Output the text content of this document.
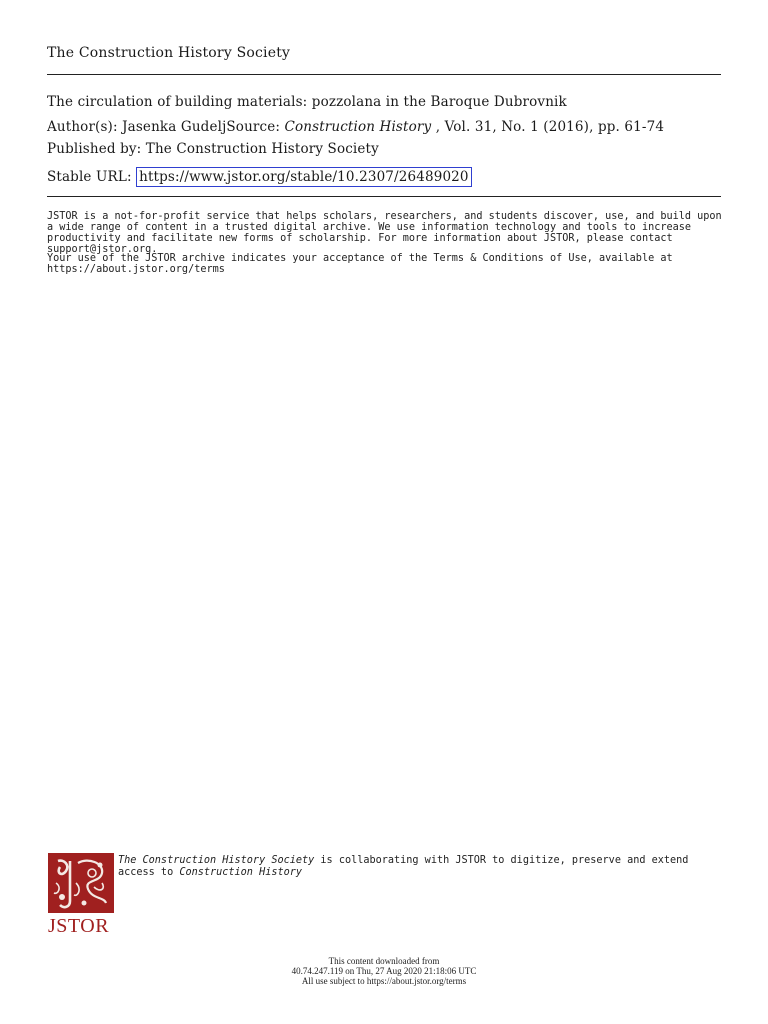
The Construction History Society
The circulation of building materials: pozzolana in the Baroque Dubrovnik
Author(s): Jasenka GudeljSource: Construction History , Vol. 31, No. 1 (2016), pp. 61-74
Published by: The Construction History Society
Stable URL: https://www.jstor.org/stable/10.2307/26489020
JSTOR is a not-for-profit service that helps scholars, researchers, and students discover, use, and build upon a wide range of content in a trusted digital archive. We use information technology and tools to increase productivity and facilitate new forms of scholarship. For more information about JSTOR, please contact support@jstor.org.
Your use of the JSTOR archive indicates your acceptance of the Terms & Conditions of Use, available at https://about.jstor.org/terms
JSTOR
The Construction History Society is collaborating with JSTOR to digitize, preserve and extend access to Construction History
This content downloaded from
40.74.247.119 on Thu, 27 Aug 2020 21:18:06 UTC
All use subject to https://about.jstor.org/terms
